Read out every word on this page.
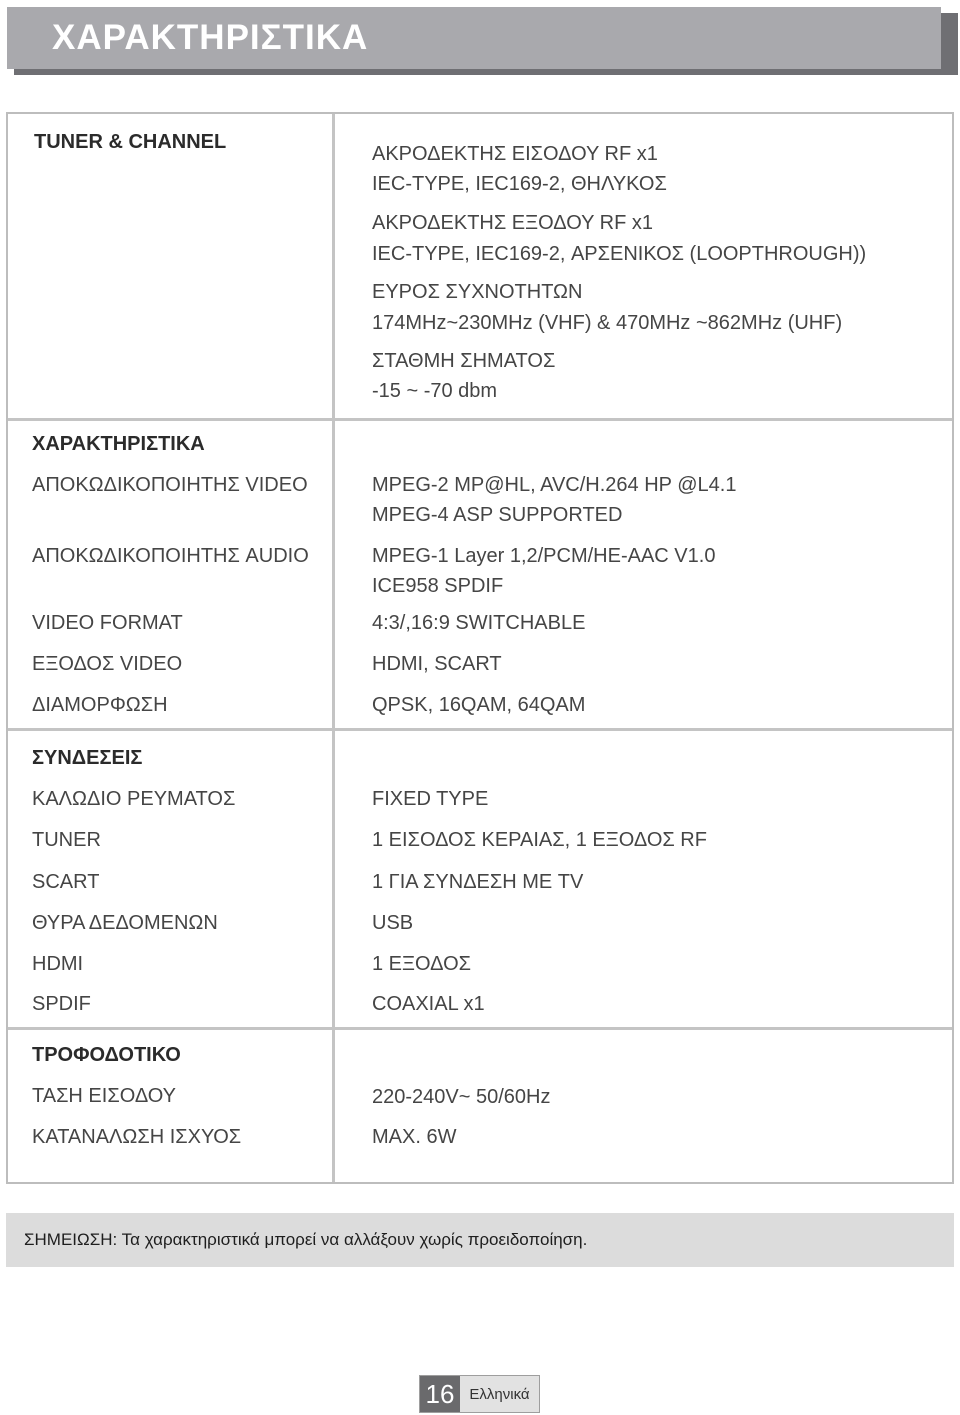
ΧΑΡΑΚΤΗΡΙΣΤΙΚΑ
TUNER & CHANNEL
ΑΚΡΟΔΕΚΤΗΣ ΕΙΣΟΔΟΥ RF x1
IEC-TYPE, IEC169-2, ΘΗΛΥΚΟΣ
ΑΚΡΟΔΕΚΤΗΣ ΕΞΟΔΟΥ RF x1
IEC-TYPE, IEC169-2, ΑΡΣΕΝΙΚΟΣ (LOOPTHROUGH))
ΕΥΡΟΣ ΣΥΧΝΟΤΗΤΩΝ
174MHz~230MHz (VHF) & 470MHz ~862MHz (UHF)
ΣΤΑΘΜΗ ΣΗΜΑΤΟΣ
-15 ~ -70 dbm
ΧΑΡΑΚΤΗΡΙΣΤΙΚΑ
ΑΠΟΚΩΔΙΚΟΠΟΙΗΤΗΣ VIDEO	MPEG-2 MP@HL, AVC/H.264 HP @L4.1
MPEG-4 ASP SUPPORTED
ΑΠΟΚΩΔΙΚΟΠΟΙΗΤΗΣ AUDIO	MPEG-1 Layer 1,2/PCM/HE-AAC V1.0
ICE958 SPDIF
VIDEO FORMAT	4:3/,16:9 SWITCHABLE
ΕΞΟΔΟΣ VIDEO	HDMI, SCART
ΔΙΑΜΟΡΦΩΣΗ	QPSK, 16QAM, 64QAM
ΣΥΝΔΕΣΕΙΣ
ΚΑΛΩΔΙΟ ΡΕΥΜΑΤΟΣ	FIXED TYPE
TUNER	1 ΕΙΣΟΔΟΣ ΚΕΡΑΙΑΣ, 1 ΕΞΟΔΟΣ RF
SCART	1 ΓΙΑ ΣΥΝΔΕΣΗ ΜΕ TV
ΘΥΡΑ ΔΕΔΟΜΕΝΩΝ	USB
HDMI	1 ΕΞΟΔΟΣ
SPDIF	COAXIAL x1
ΤΡΟΦΟΔΟΤΙΚΟ
ΤΑΣΗ ΕΙΣΟΔΟΥ	220-240V~ 50/60Hz
ΚΑΤΑΝΑΛΩΣΗ ΙΣΧΥΟΣ	MAX. 6W
ΣΗΜΕΙΩΣΗ: Τα χαρακτηριστικά μπορεί να αλλάξουν χωρίς προειδοποίηση.
16 Ελληνικά
